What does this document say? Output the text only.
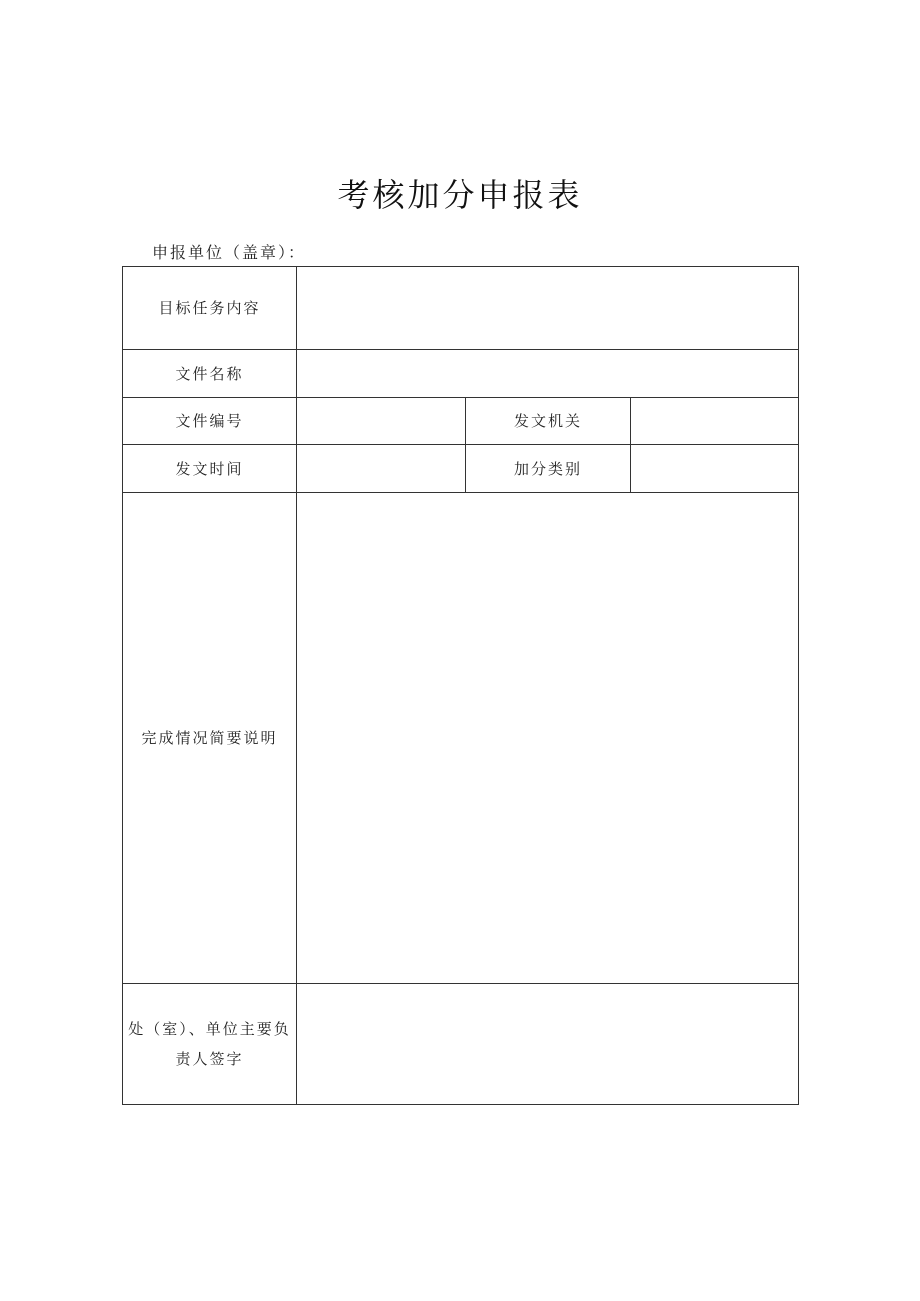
考核加分申报表
申报单位（盖章）：
目标任务内容			
文件名称			
文件编号		发文机关	
发文时间		加分类别	
完成情况简要说明			

处（室）、单位主要负
责人签字			
